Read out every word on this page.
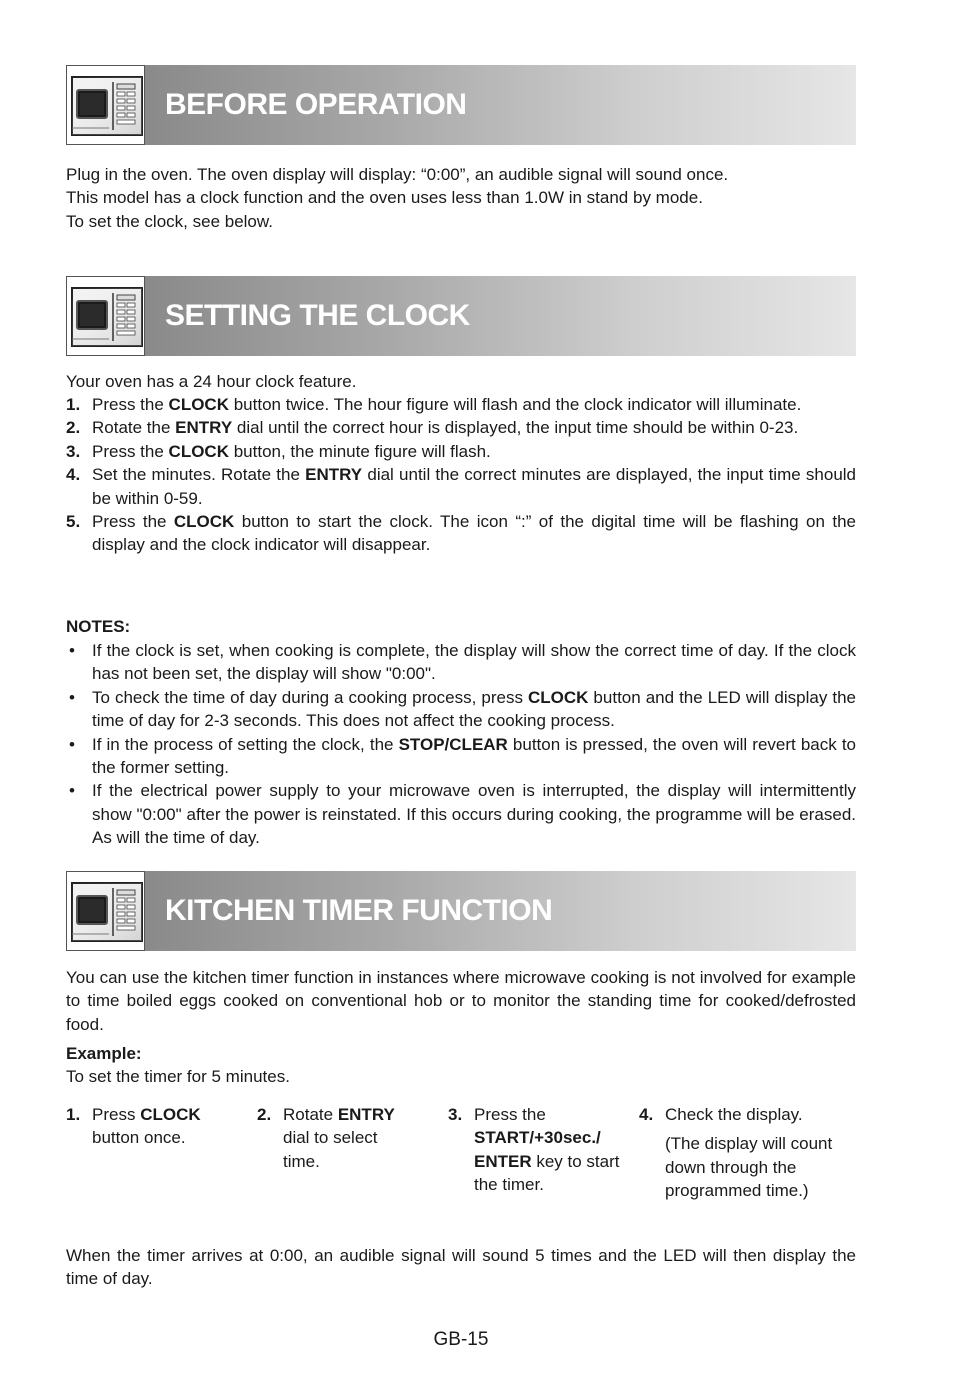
BEFORE OPERATION

Plug in the oven. The oven display will display: “0:00”, an audible signal will sound once.

This model has a clock function and the oven uses less than 1.0W in stand by mode.

To set the clock, see below.

SETTING THE CLOCK
Your oven has a 24 hour clock feature.
1. Press the CLOCK button twice. The hour figure will flash and the clock indicator will illuminate.
2. Rotate the ENTRY dial until the correct hour is displayed, the input time should be within 0-23.
3. Press the CLOCK button, the minute figure will flash.
4. Set the minutes. Rotate the ENTRY dial until the correct minutes are displayed, the input time should be within 0-59.
5. Press the CLOCK button to start the clock. The icon “:” of the digital time will be flashing on the display and the clock indicator will disappear.
NOTES:
• If the clock is set, when cooking is complete, the display will show the correct time of day. If the clock has not been set, the display will show "0:00".
• To check the time of day during a cooking process, press CLOCK button and the LED will display the time of day for 2-3 seconds. This does not affect the cooking process.
• If in the process of setting the clock, the STOP/CLEAR button is pressed, the oven will revert back to the former setting.
• If the electrical power supply to your microwave oven is interrupted, the display will intermittently show "0:00" after the power is reinstated. If this occurs during cooking, the programme will be erased. As will the time of day.
KITCHEN TIMER FUNCTION
You can use the kitchen timer function in instances where microwave cooking is not involved for example to time boiled eggs cooked on conventional hob or to monitor the standing time for cooked/defrosted food.
Example:
To set the timer for 5 minutes.
1. Press CLOCK button once.
2. Rotate ENTRY dial to select time.
3. Press the START/+30sec./ ENTER key to start the timer.
4. Check the display.
(The display will count down through the programmed time.)
When the timer arrives at 0:00, an audible signal will sound 5 times and the LED will then display the time of day.
GB-15
